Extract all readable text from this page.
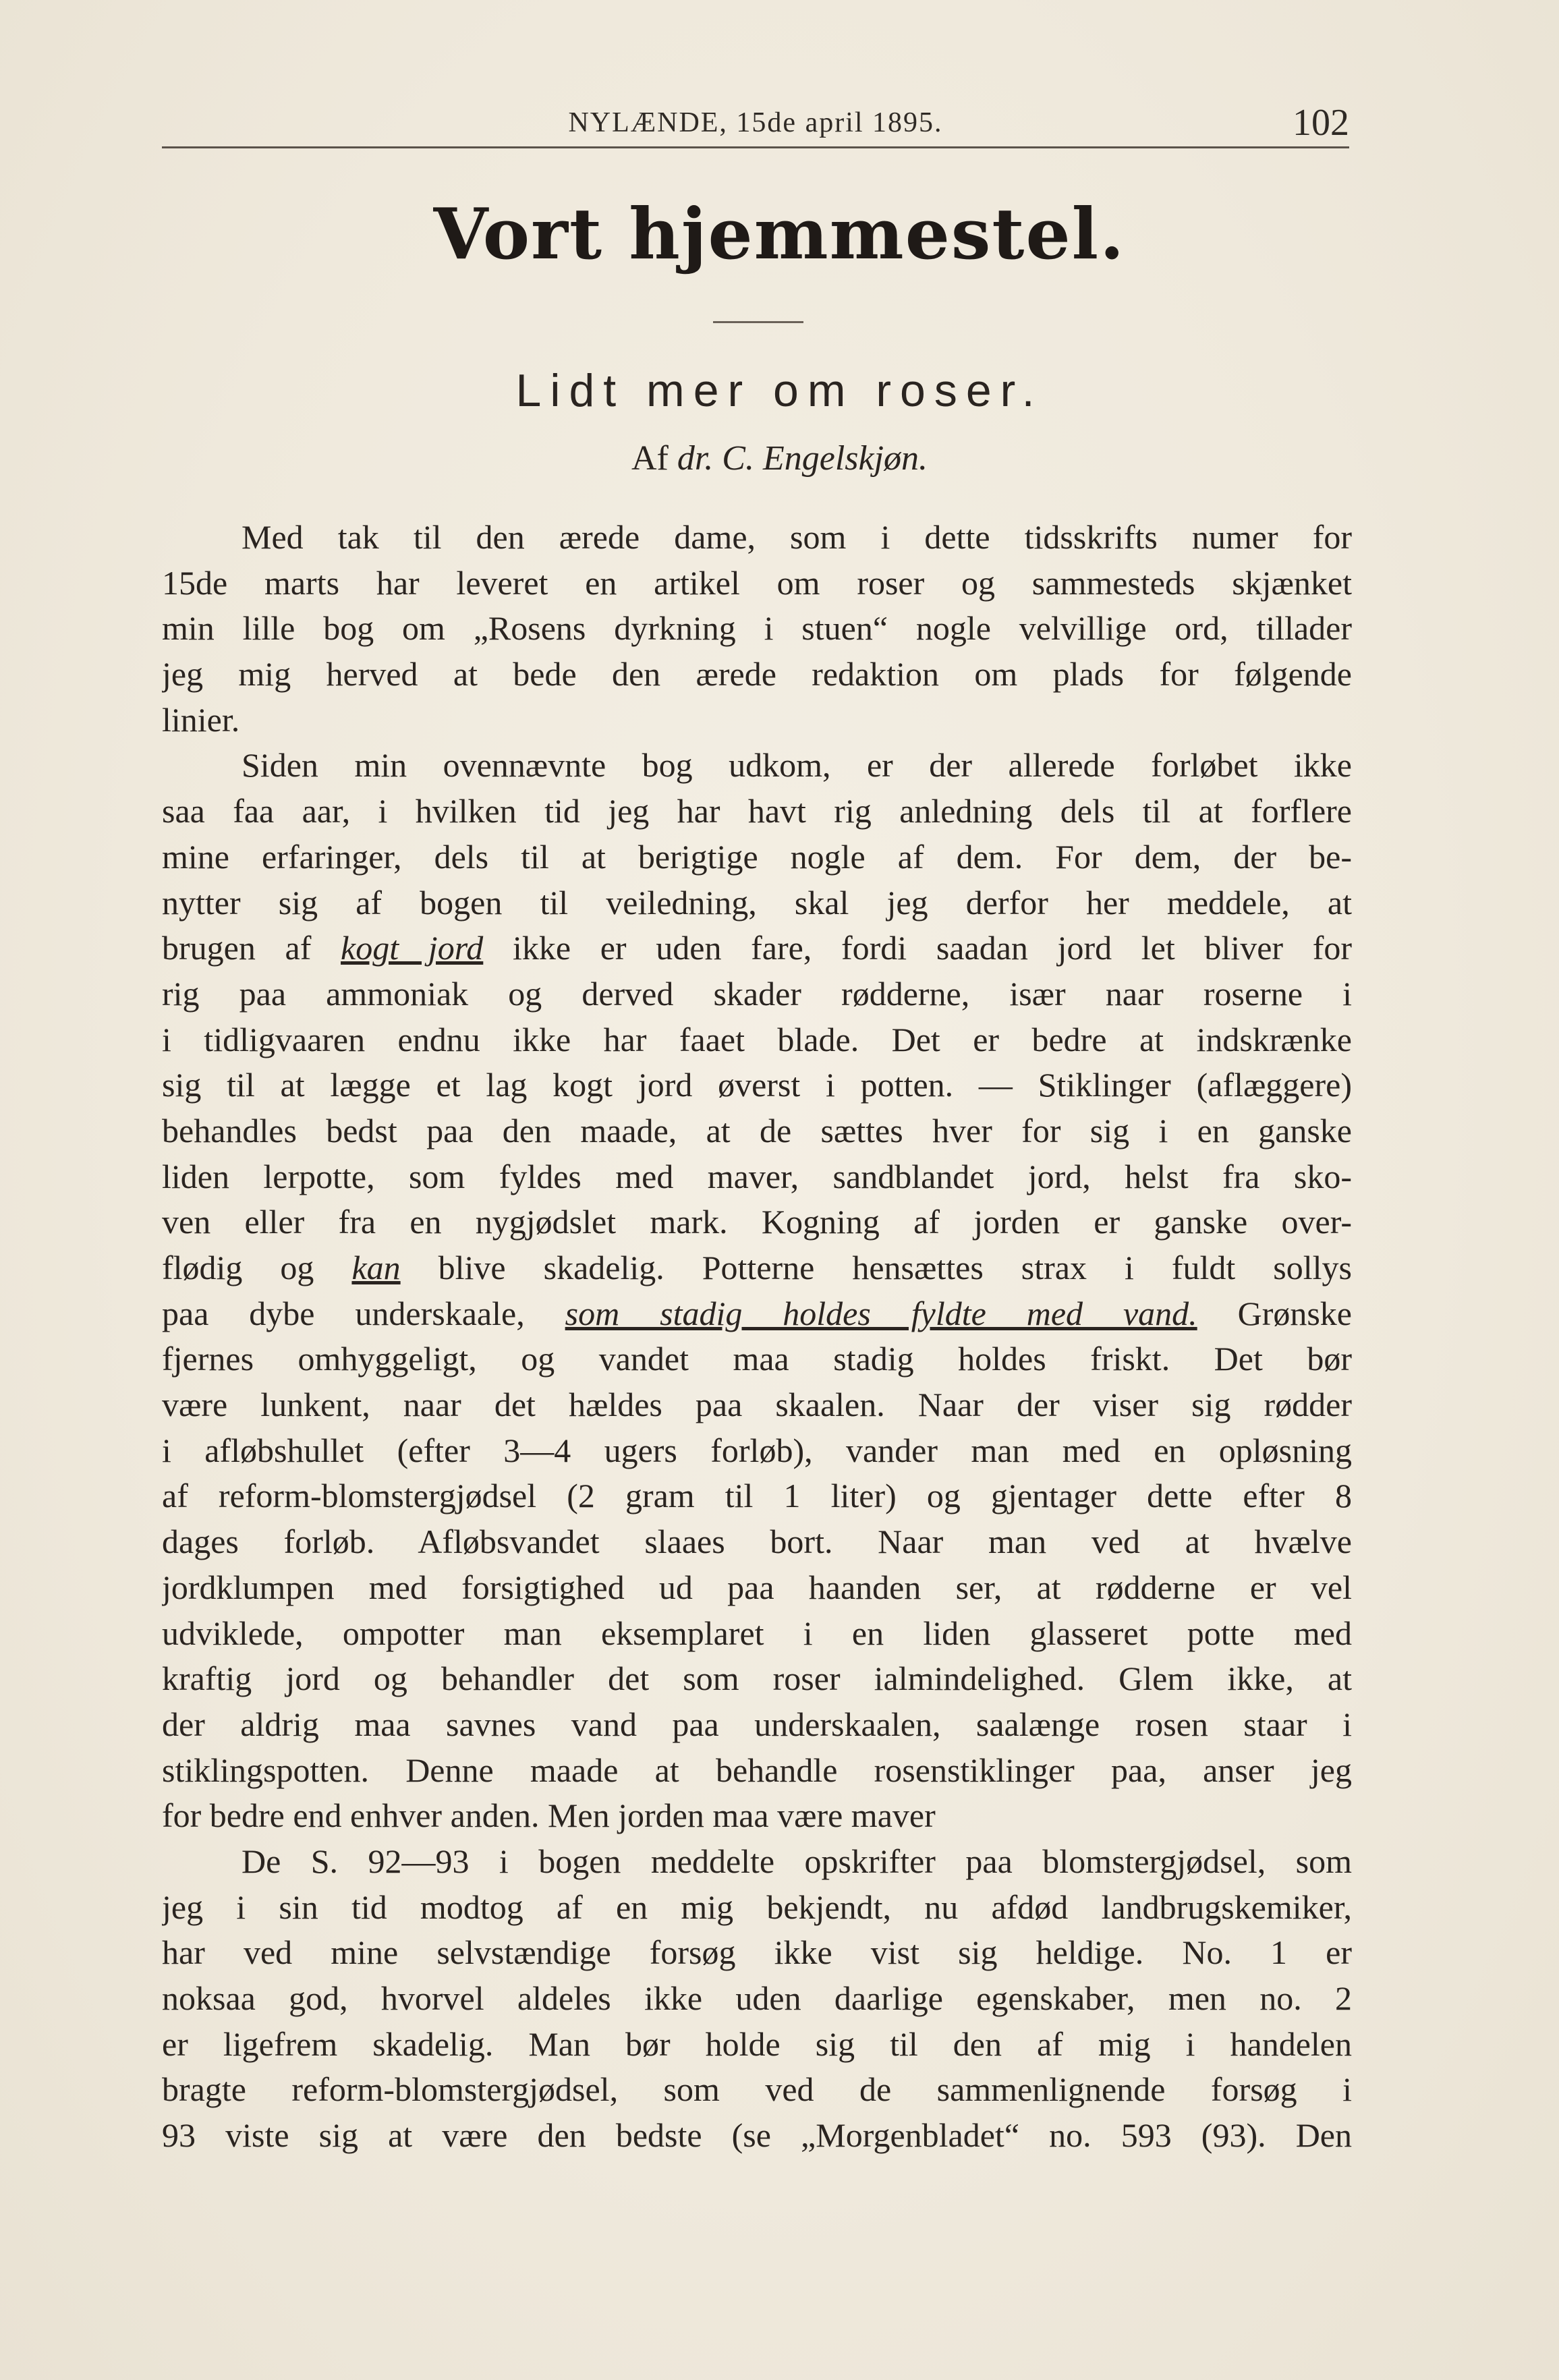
NYLÆNDE, 15de april 1895.	102
Vort hjemmestel.
Lidt mer om roser.
Af dr. C. Engelskjøn.
Med tak til den ærede dame, som i dette tidsskrifts numer for
15de marts har leveret en artikel om roser og sammesteds skjænket
min lille bog om „Rosens dyrkning i stuen“ nogle velvillige ord, tillader
jeg mig herved at bede den ærede redaktion om plads for følgende
linier.
Siden min ovennævnte bog udkom, er der allerede forløbet ikke
saa faa aar, i hvilken tid jeg har havt rig anledning dels til at forflere
mine erfaringer, dels til at berigtige nogle af dem. For dem, der be-
nytter sig af bogen til veiledning, skal jeg derfor her meddele, at
brugen af kogt jord ikke er uden fare, fordi saadan jord let bliver for
rig paa ammoniak og derved skader rødderne, især naar roserne i
i tidligvaaren endnu ikke har faaet blade. Det er bedre at indskrænke
sig til at lægge et lag kogt jord øverst i potten. — Stiklinger (aflæggere)
behandles bedst paa den maade, at de sættes hver for sig i en ganske
liden lerpotte, som fyldes med maver, sandblandet jord, helst fra sko-
ven eller fra en nygjødslet mark. Kogning af jorden er ganske over-
flødig og kan blive skadelig. Potterne hensættes strax i fuldt sollys
paa dybe underskaale, som stadig holdes fyldte med vand. Grønske
fjernes omhyggeligt, og vandet maa stadig holdes friskt. Det bør
være lunkent, naar det hældes paa skaalen. Naar der viser sig rødder
i afløbshullet (efter 3—4 ugers forløb), vander man med en opløsning
af reform-blomstergjødsel (2 gram til 1 liter) og gjentager dette efter 8
dages forløb. Afløbsvandet slaaes bort. Naar man ved at hvælve
jordklumpen med forsigtighed ud paa haanden ser, at rødderne er vel
udviklede, ompotter man eksemplaret i en liden glasseret potte med
kraftig jord og behandler det som roser ialmindelighed. Glem ikke, at
der aldrig maa savnes vand paa underskaalen, saalænge rosen staar i
stiklingspotten. Denne maade at behandle rosenstiklinger paa, anser jeg
for bedre end enhver anden. Men jorden maa være maver
De S. 92—93 i bogen meddelte opskrifter paa blomstergjødsel, som
jeg i sin tid modtog af en mig bekjendt, nu afdød landbrugskemiker,
har ved mine selvstændige forsøg ikke vist sig heldige. No. 1 er
noksaa god, hvorvel aldeles ikke uden daarlige egenskaber, men no. 2
er ligefrem skadelig. Man bør holde sig til den af mig i handelen
bragte reform-blomstergjødsel, som ved de sammenlignende forsøg i
93 viste sig at være den bedste (se „Morgenbladet“ no. 593 (93). Den
